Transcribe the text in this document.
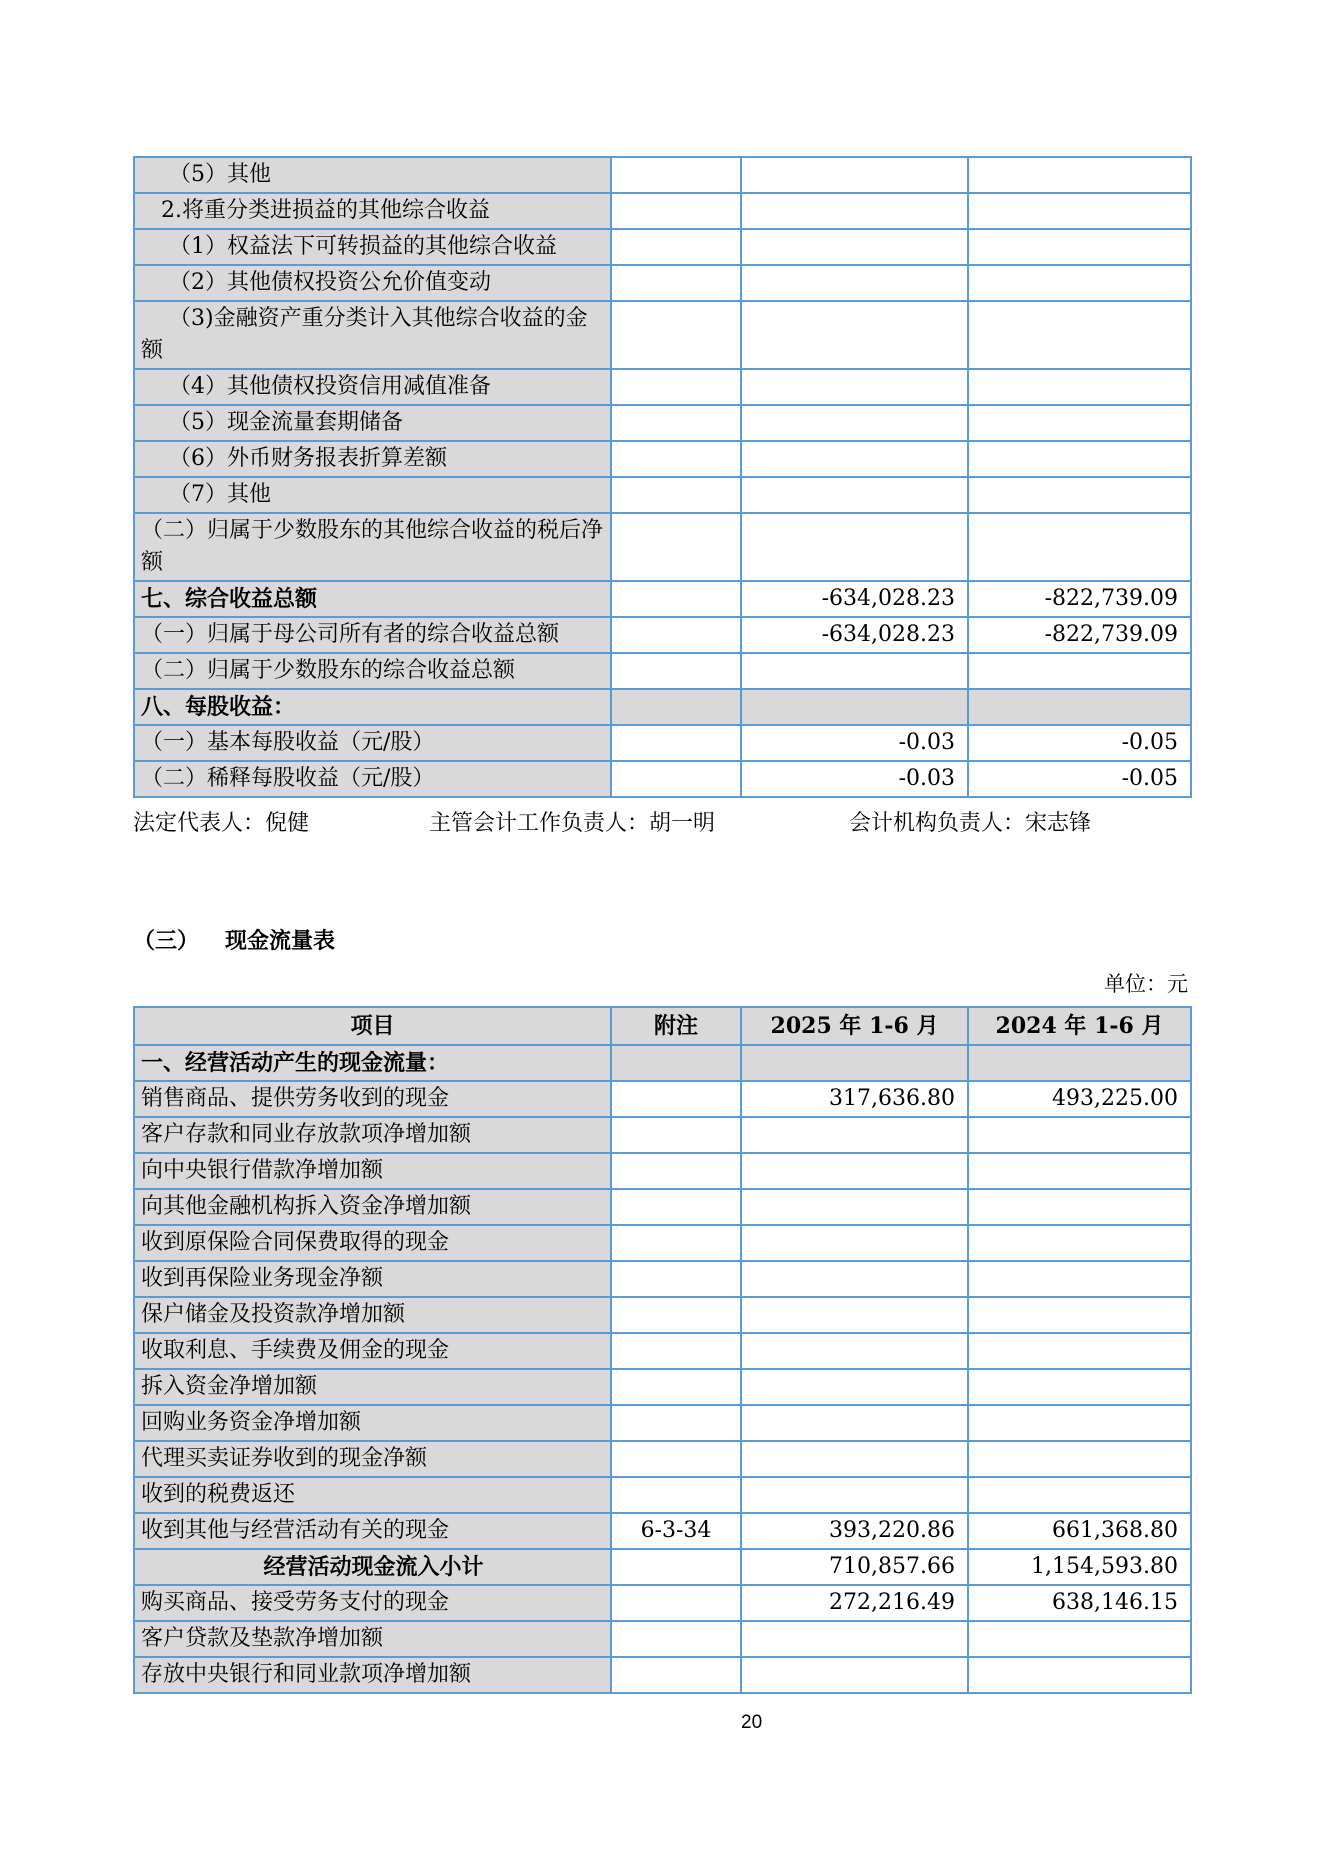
（5）其他			
2.将重分类进损益的其他综合收益			
（1）权益法下可转损益的其他综合收益			
（2）其他债权投资公允价值变动			
（3)金融资产重分类计入其他综合收益的金额			
（4）其他债权投资信用减值准备			
（5）现金流量套期储备			
（6）外币财务报表折算差额			
（7）其他			
（二）归属于少数股东的其他综合收益的税后净额			
七、综合收益总额		-634,028.23	-822,739.09
（一）归属于母公司所有者的综合收益总额		-634,028.23	-822,739.09
（二）归属于少数股东的综合收益总额			
八、每股收益：			
（一）基本每股收益（元/股）		-0.03	-0.05
（二）稀释每股收益（元/股）		-0.03	-0.05
法定代表人：倪健	主管会计工作负责人：胡一明	会计机构负责人：宋志锋
（三） 现金流量表
单位：元
项目	附注	2025 年 1-6 月	2024 年 1-6 月
一、经营活动产生的现金流量：			
销售商品、提供劳务收到的现金		317,636.80	493,225.00
客户存款和同业存放款项净增加额			
向中央银行借款净增加额			
向其他金融机构拆入资金净增加额			
收到原保险合同保费取得的现金			
收到再保险业务现金净额			
保户储金及投资款净增加额			
收取利息、手续费及佣金的现金			
拆入资金净增加额			
回购业务资金净增加额			
代理买卖证券收到的现金净额			
收到的税费返还			
收到其他与经营活动有关的现金	6-3-34	393,220.86	661,368.80
经营活动现金流入小计		710,857.66	1,154,593.80
购买商品、接受劳务支付的现金		272,216.49	638,146.15
客户贷款及垫款净增加额			
存放中央银行和同业款项净增加额			
20
